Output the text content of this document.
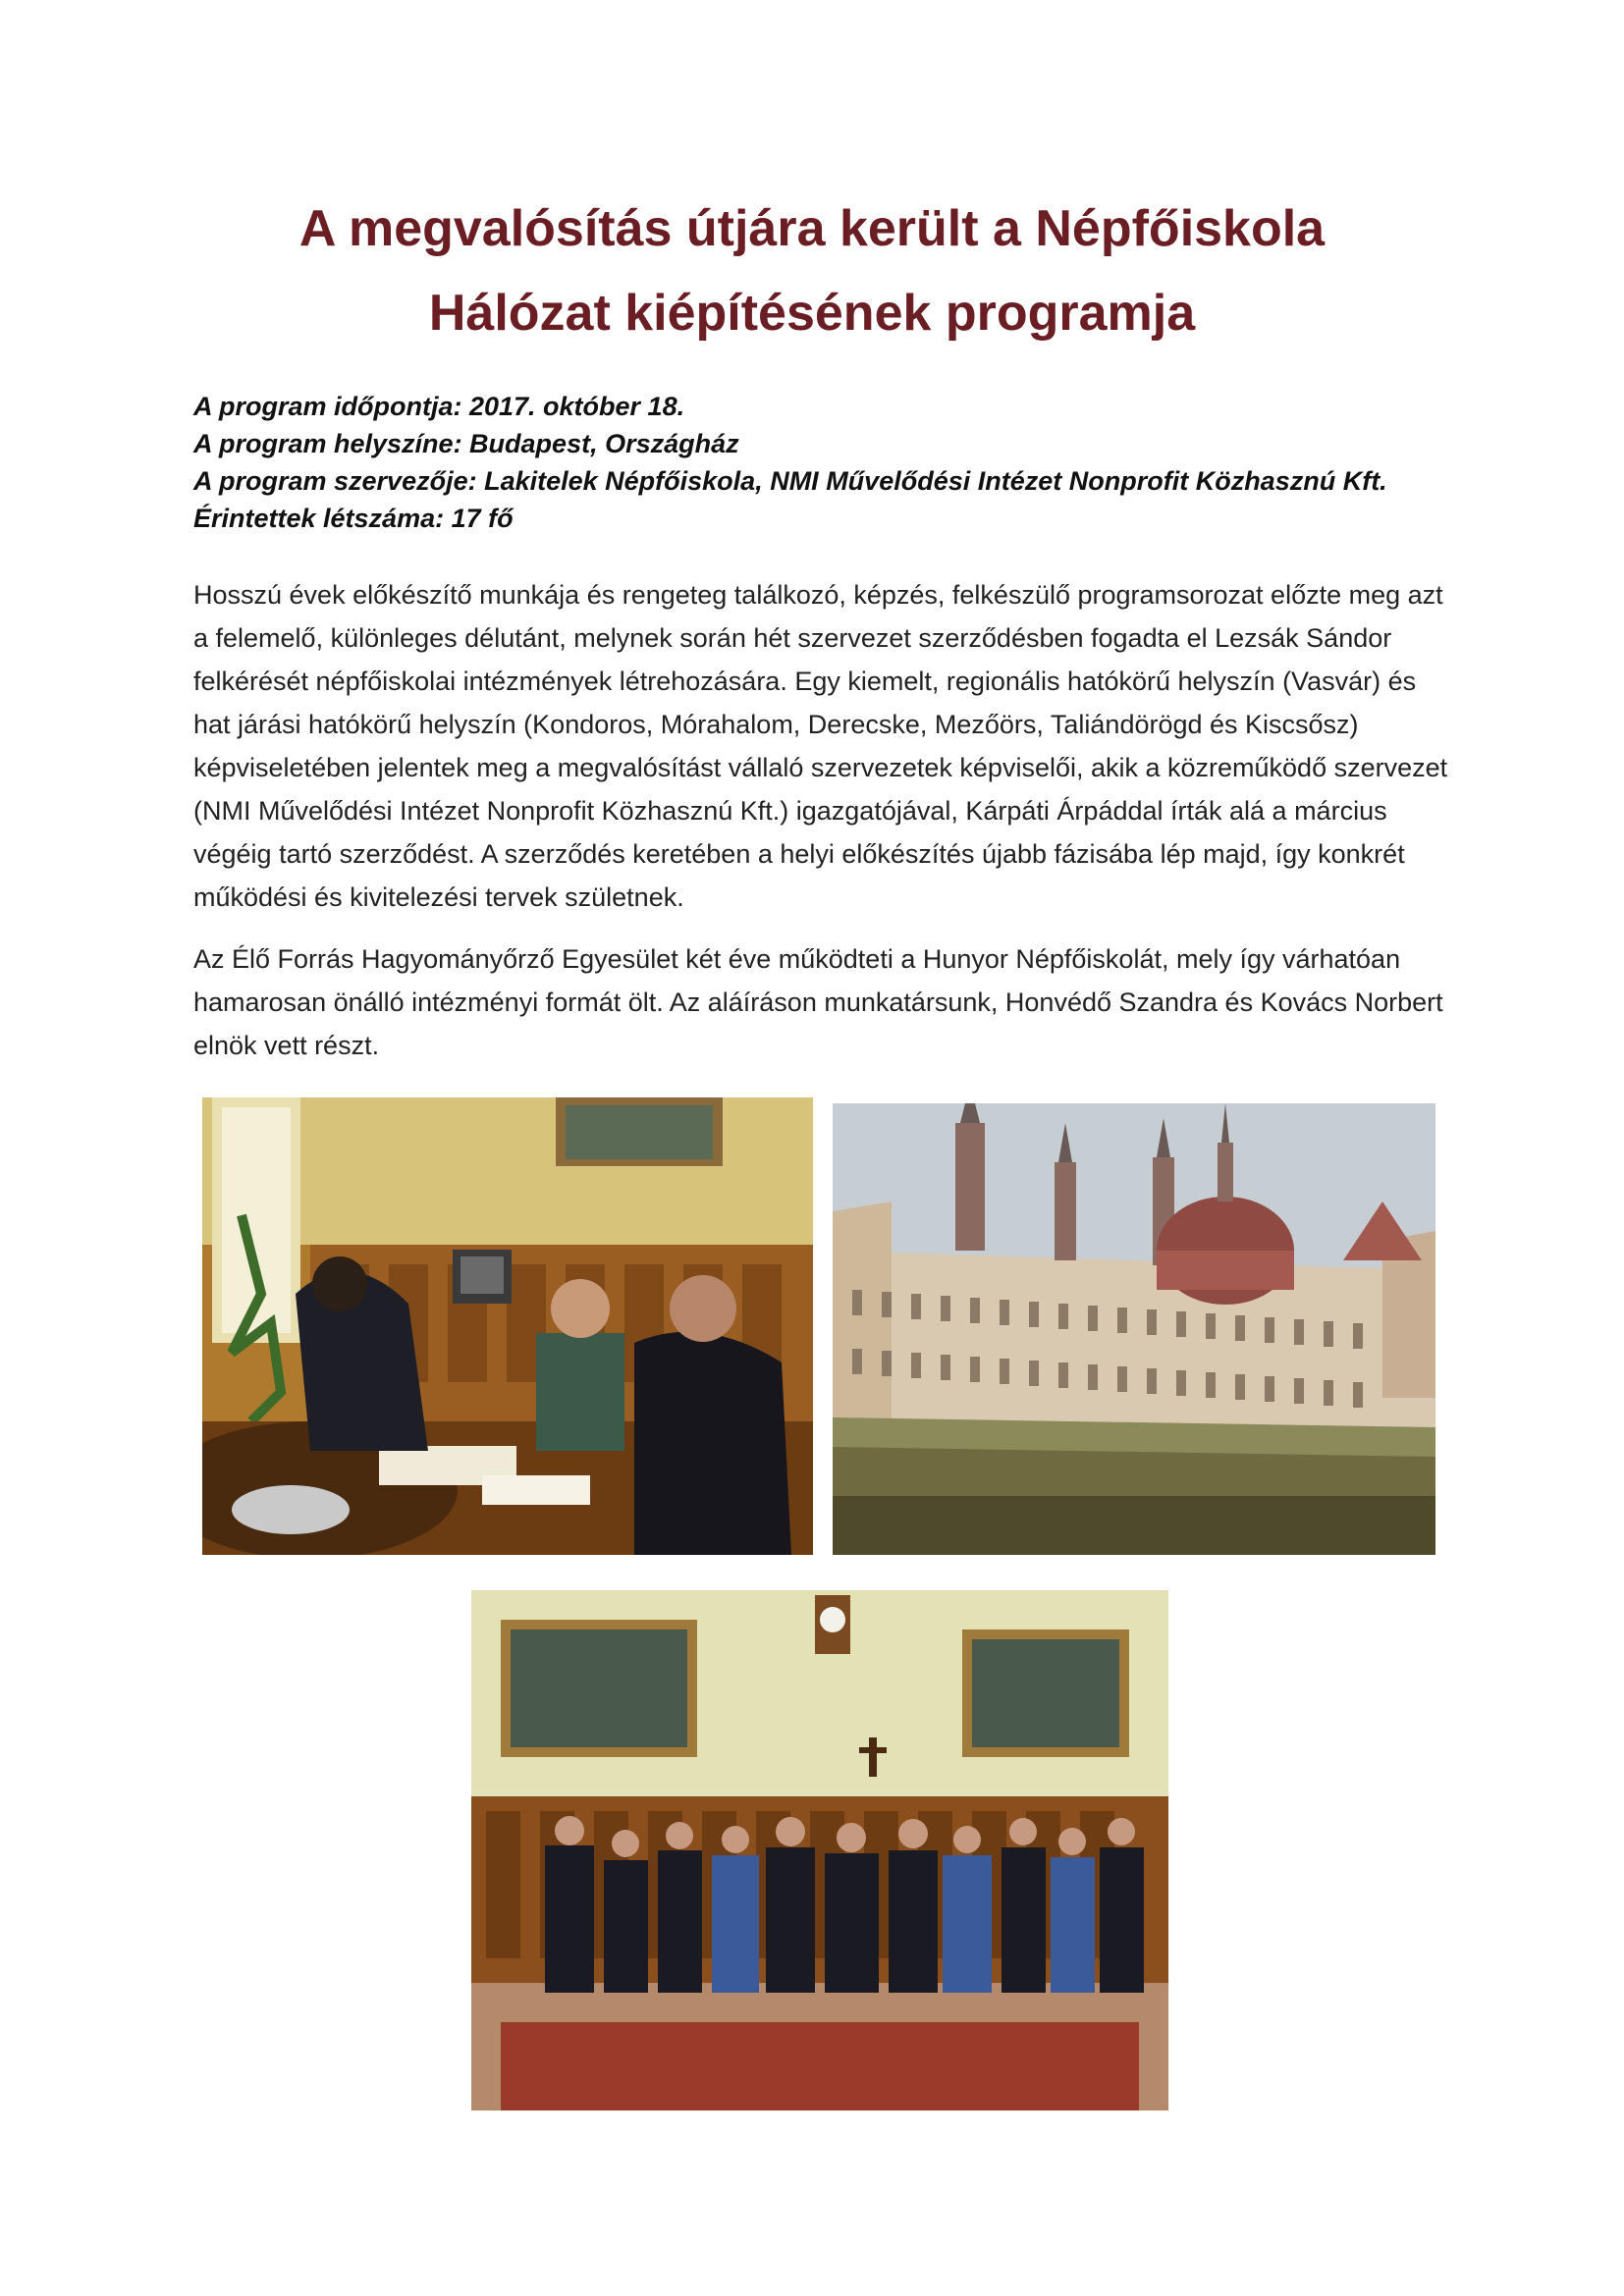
A megvalósítás útjára került a Népfőiskola
Hálózat kiépítésének programja
A program időpontja: 2017. október 18.
A program helyszíne: Budapest, Országház
A program szervezője: Lakitelek Népfőiskola, NMI Művelődési Intézet Nonprofit Közhasznú Kft.
Érintettek létszáma: 17 fő

Hosszú évek előkészítő munkája és rengeteg találkozó, képzés, felkészülő programsorozat előzte meg azt a felemelő, különleges délutánt, melynek során hét szervezet szerződésben fogadta el Lezsák Sándor felkérését népfőiskolai intézmények létrehozására. Egy kiemelt, regionális hatókörű helyszín (Vasvár) és hat járási hatókörű helyszín (Kondoros, Mórahalom, Derecske, Mezőörs, Taliándörögd és Kiscsősz) képviseletében jelentek meg a megvalósítást vállaló szervezetek képviselői, akik a közreműködő szervezet (NMI Művelődési Intézet Nonprofit Közhasznú Kft.) igazgatójával, Kárpáti Árpáddal írták alá a március végéig tartó szerződést. A szerződés keretében a helyi előkészítés újabb fázisába lép majd, így konkrét működési és kivitelezési tervek születnek.

Az Élő Forrás Hagyományőrző Egyesület két éve működteti a Hunyor Népfőiskolát, mely így várhatóan hamarosan önálló intézményi formát ölt. Az aláíráson munkatársunk, Honvédő Szandra és Kovács Norbert elnök vett részt.
